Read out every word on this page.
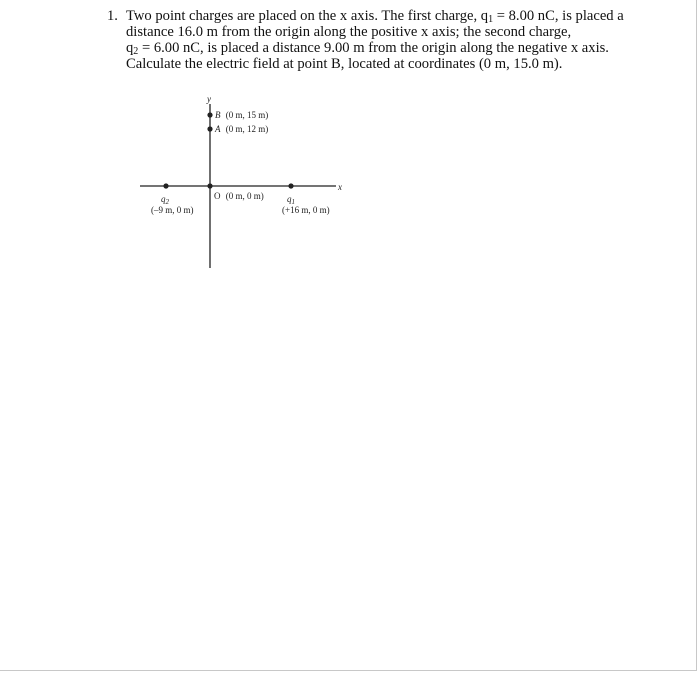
1. Two point charges are placed on the x axis. The first charge, $q_1 = 8.00$ nC, is placed a
distance 16.0 m from the origin along the positive x axis; the second charge,
$q_2 = 6.00$ nC, is placed a distance 9.00 m from the origin along the negative x axis.
Calculate the electric field at point B, located at coordinates (0 m, 15.0 m).
y
x
B (0 m, 15 m)
A (0 m, 12 m)
O (0 m, 0 m)
$q_2$
(–9 m, 0 m)
$q_1$
(+16 m, 0 m)
